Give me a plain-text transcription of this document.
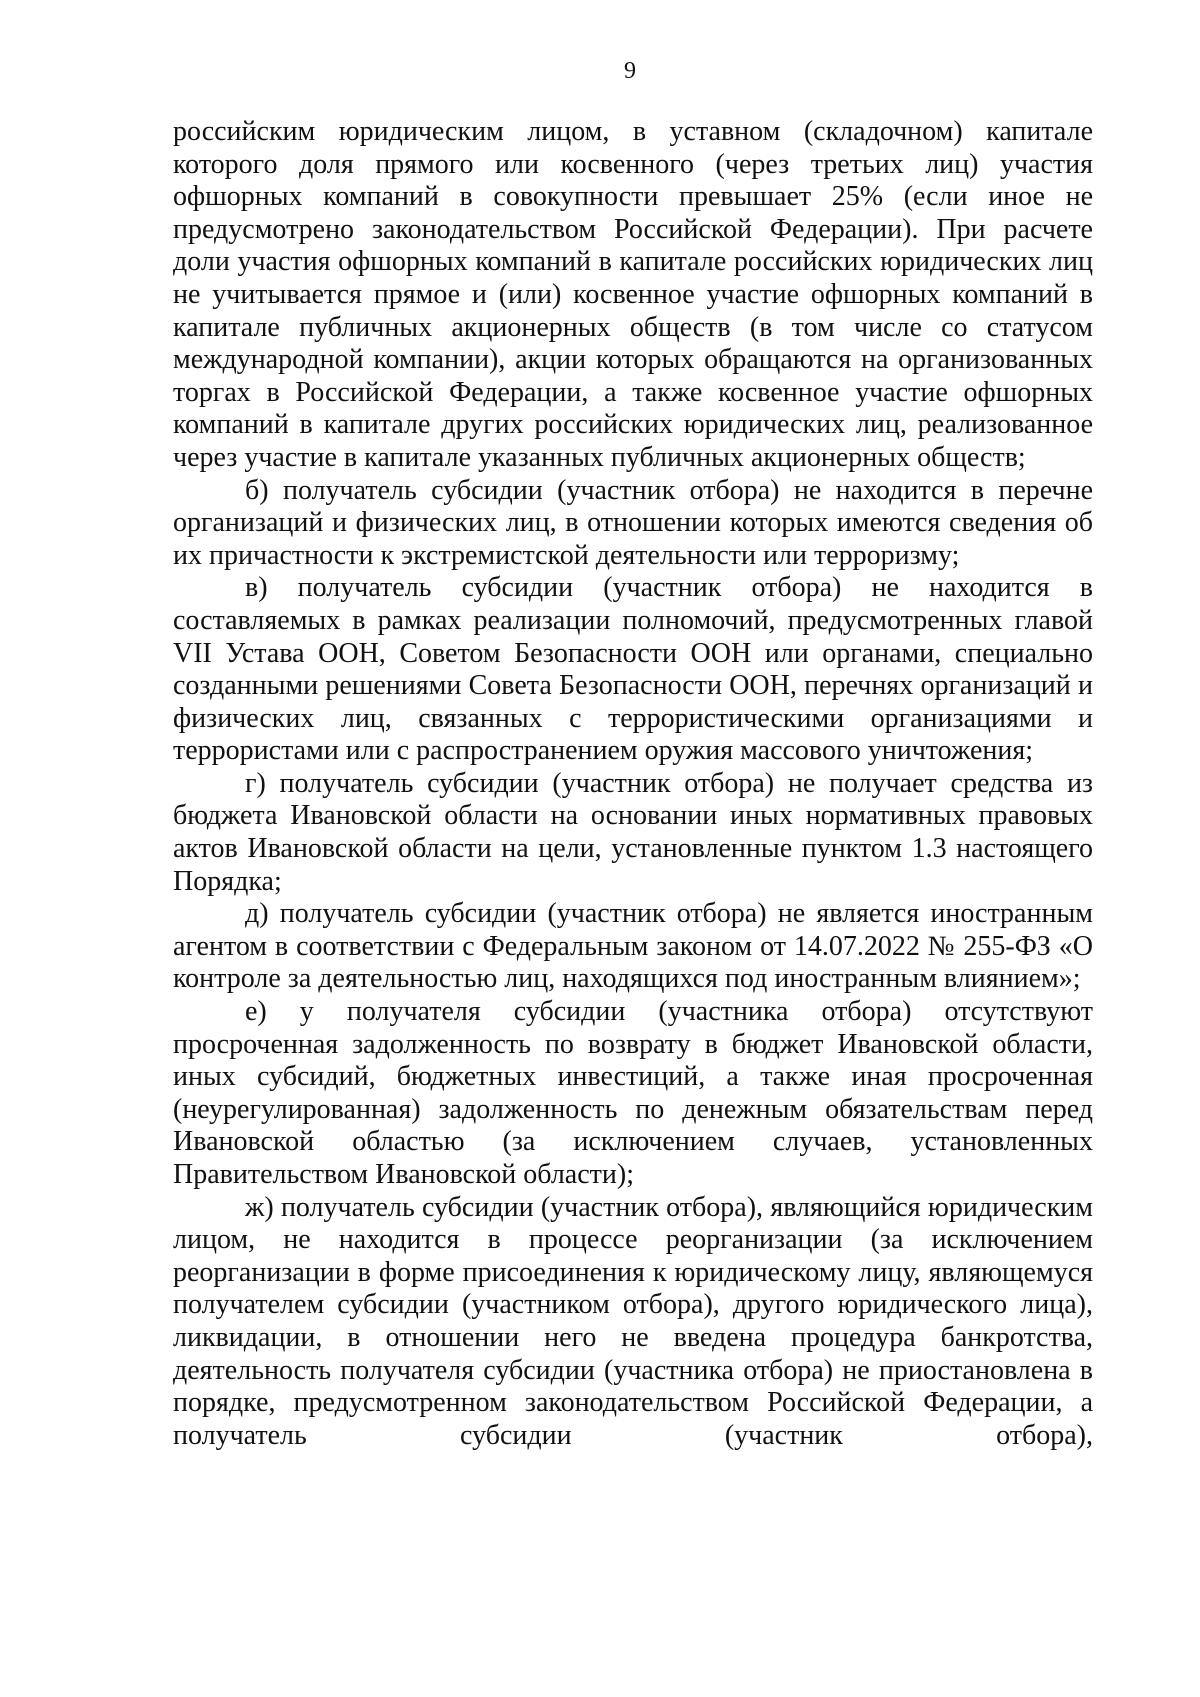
9

российским юридическим лицом, в уставном (складочном) капитале которого доля прямого или косвенного (через третьих лиц) участия офшорных компаний в совокупности превышает 25% (если иное не предусмотрено законодательством Российской Федерации). При расчете доли участия офшорных компаний в капитале российских юридических лиц не учитывается прямое и (или) косвенное участие офшорных компаний в капитале публичных акционерных обществ (в том числе со статусом международной компании), акции которых обращаются на организованных торгах в Российской Федерации, а также косвенное участие офшорных компаний в капитале других российских юридических лиц, реализованное через участие в капитале указанных публичных акционерных обществ;

б) получатель субсидии (участник отбора) не находится в перечне организаций и физических лиц, в отношении которых имеются сведения об их причастности к экстремистской деятельности или терроризму;

в) получатель субсидии (участник отбора) не находится в составляемых в рамках реализации полномочий, предусмотренных главой VII Устава ООН, Советом Безопасности ООН или органами, специально созданными решениями Совета Безопасности ООН, перечнях организаций и физических лиц, связанных с террористическими организациями и террористами или с распространением оружия массового уничтожения;

г) получатель субсидии (участник отбора) не получает средства из бюджета Ивановской области на основании иных нормативных правовых актов Ивановской области на цели, установленные пунктом 1.3 настоящего Порядка;

д) получатель субсидии (участник отбора) не является иностранным агентом в соответствии с Федеральным законом от 14.07.2022 № 255-ФЗ «О контроле за деятельностью лиц, находящихся под иностранным влиянием»;

е) у получателя субсидии (участника отбора) отсутствуют просроченная задолженность по возврату в бюджет Ивановской области, иных субсидий, бюджетных инвестиций, а также иная просроченная (неурегулированная) задолженность по денежным обязательствам перед Ивановской областью (за исключением случаев, установленных Правительством Ивановской области);

ж) получатель субсидии (участник отбора), являющийся юридическим лицом, не находится в процессе реорганизации (за исключением реорганизации в форме присоединения к юридическому лицу, являющемуся получателем субсидии (участником отбора), другого юридического лица), ликвидации, в отношении него не введена процедура банкротства, деятельность получателя субсидии (участника отбора) не приостановлена в порядке, предусмотренном законодательством Российской Федерации, а получатель субсидии (участник отбора),
